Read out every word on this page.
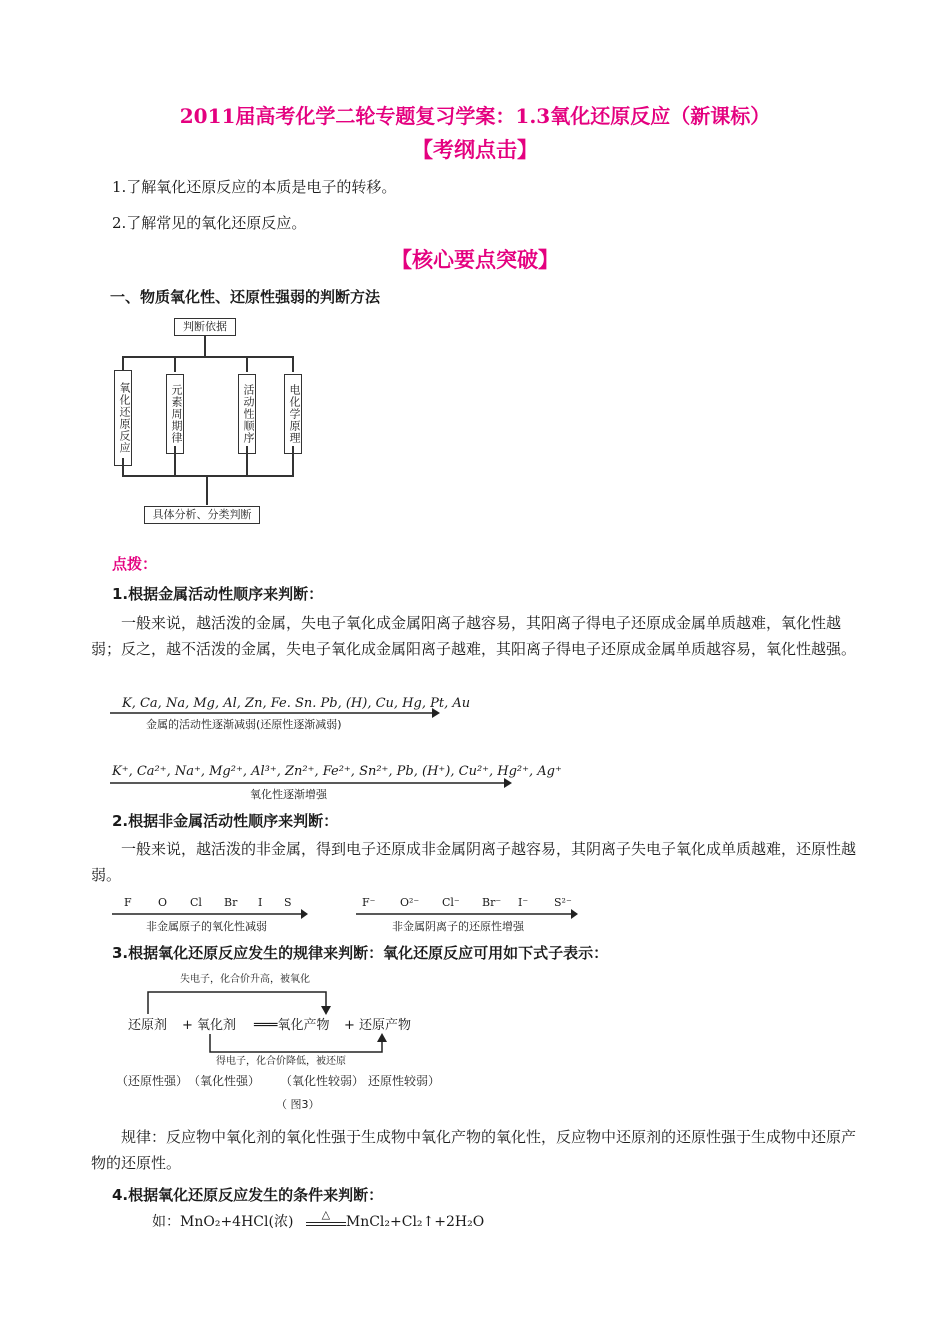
2011届高考化学二轮专题复习学案：1.3氧化还原反应（新课标）
【考纲点击】
1.了解氧化还原反应的本质是电子的转移。
2.了解常见的氧化还原反应。
【核心要点突破】
一、物质氧化性、还原性强弱的判断方法
判断依据
氧化还原反应	元素周期律	活动性顺序	电化学原理
具体分析、分类判断
点拨：
1.根据金属活动性顺序来判断：
一般来说，越活泼的金属，失电子氧化成金属阳离子越容易，其阳离子得电子还原成金属单质越难，氧化性越弱；反之，越不活泼的金属，失电子氧化成金属阳离子越难，其阳离子得电子还原成金属单质越容易，氧化性越强。
K, Ca, Na, Mg, Al, Zn, Fe. Sn. Pb, (H), Cu, Hg, Pt, Au
金属的活动性逐渐减弱(还原性逐渐减弱)
K⁺, Ca²⁺, Na⁺, Mg²⁺, Al³⁺, Zn²⁺, Fe²⁺, Sn²⁺, Pb, (H⁺), Cu²⁺, Hg²⁺, Ag⁺
氧化性逐渐增强
2.根据非金属活动性顺序来判断：
一般来说，越活泼的非金属，得到电子还原成非金属阴离子越容易，其阴离子失电子氧化成单质越难，还原性越弱。
F O Cl Br I S
非金属原子的氧化性减弱
F⁻ O²⁻ Cl⁻ Br⁻ I⁻ S²⁻
非金属阴离子的还原性增强
3.根据氧化还原反应发生的规律来判断：氧化还原反应可用如下式子表示：
失电子，化合价升高，被氧化
还原剂 + 氧化剂 ═══氧化产物 + 还原产物
得电子，化合价降低，被还原
（还原性强） （氧化性强） （氧化性较弱） 还原性较弱）
（ 图3）
规律：反应物中氧化剂的氧化性强于生成物中氧化产物的氧化性，反应物中还原剂的还原性强于生成物中还原产物的还原性。
4.根据氧化还原反应发生的条件来判断：
如：MnO₂+4HCl(浓)	△	MnCl₂+Cl₂↑+2H₂O
